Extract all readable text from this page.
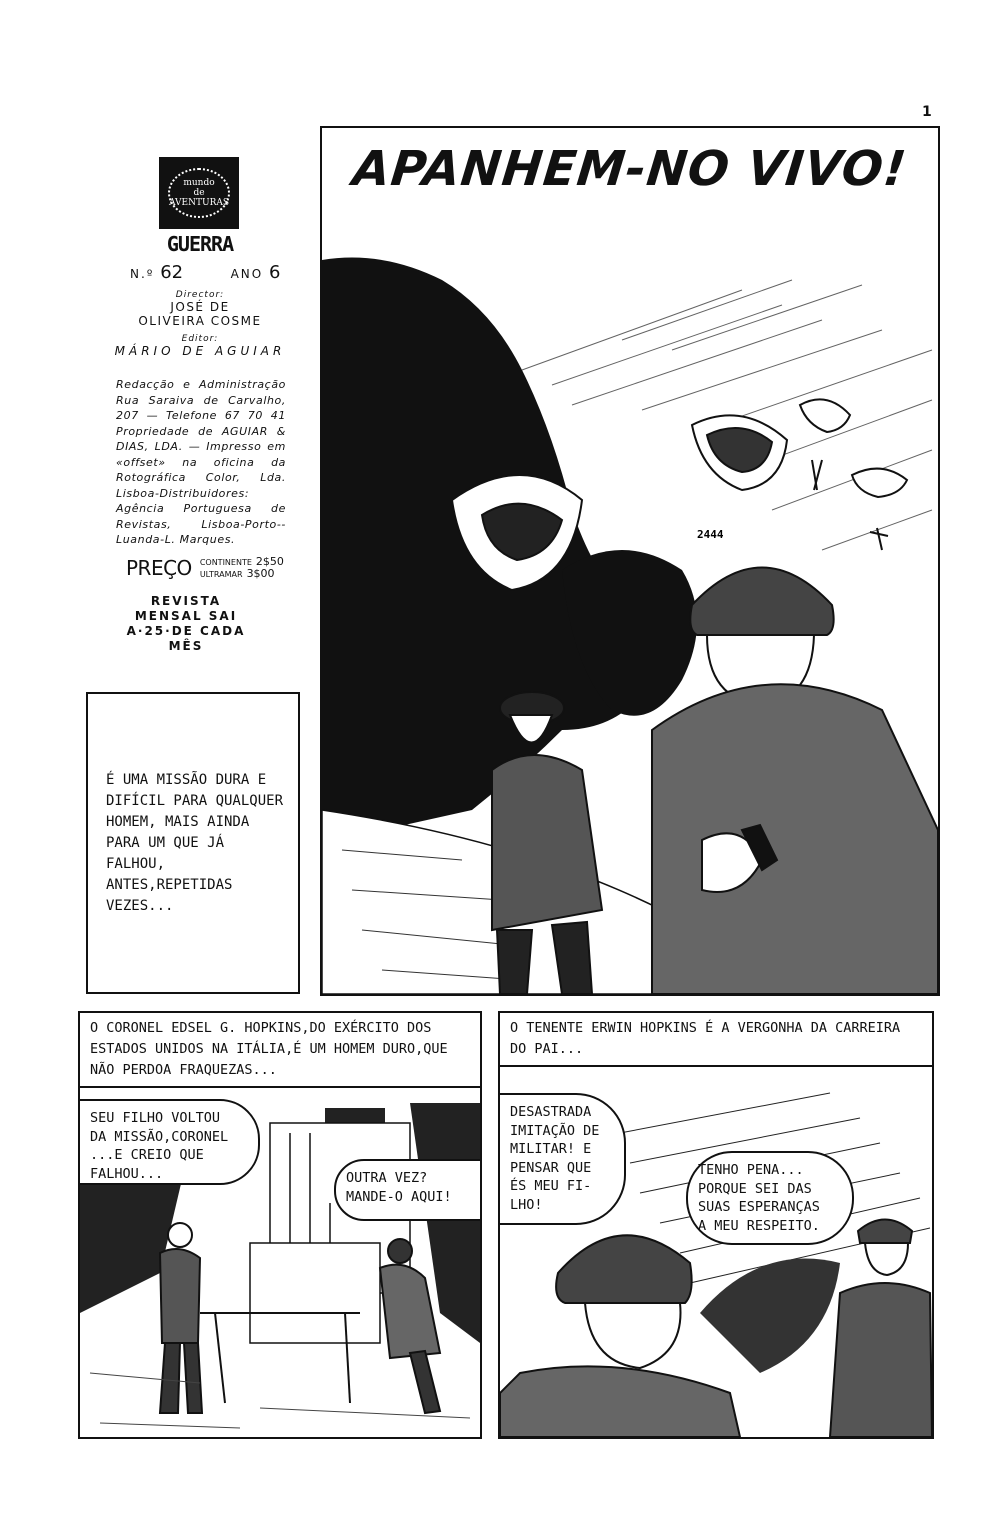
1
mundo
de
AVENTURAS
GUERRA
N.º 62	ANO 6
Director:
JOSÉ DE OLIVEIRA COSME
Editor:
MÁRIO DE AGUIAR
Redacção e Administração Rua Saraiva de Carvalho, 207 — Telefone 67 70 41 Propriedade de AGUIAR & DIAS, LDA. — Impresso em «offset» na oficina da Rotográfica Color, Lda. Lisboa-Distribuidores: Agência Portuguesa de Revistas, Lisboa-Porto--Luanda-L. Marques.
PREÇO CONTINENTE 2$50
ULTRAMAR 3$00
REVISTA MENSAL SAI A·25·DE CADA MÊS
APANHEM-NO VIVO!
2444
É UMA MISSÃO DURA E DIFÍCIL PARA QUALQUER HOMEM, MAIS AINDA PARA UM QUE JÁ FALHOU, ANTES,REPETIDAS VEZES...
O CORONEL EDSEL G. HOPKINS,DO EXÉRCITO DOS ESTADOS UNIDOS NA ITÁLIA,É UM HOMEM DURO,QUE NÃO PERDOA FRAQUEZAS...
SEU FILHO VOLTOU
DA MISSÃO,CORONEL
...E CREIO QUE
FALHOU...	OUTRA VEZ?
MANDE-O AQUI!
O TENENTE ERWIN HOPKINS É A VERGONHA DA CARREIRA DO PAI...
DESASTRADA
IMITAÇÃO DE
MILITAR! E
PENSAR QUE
ÉS MEU FI-
LHO!
TENHO PENA...
PORQUE SEI DAS
SUAS ESPERANÇAS
A MEU RESPEITO.
